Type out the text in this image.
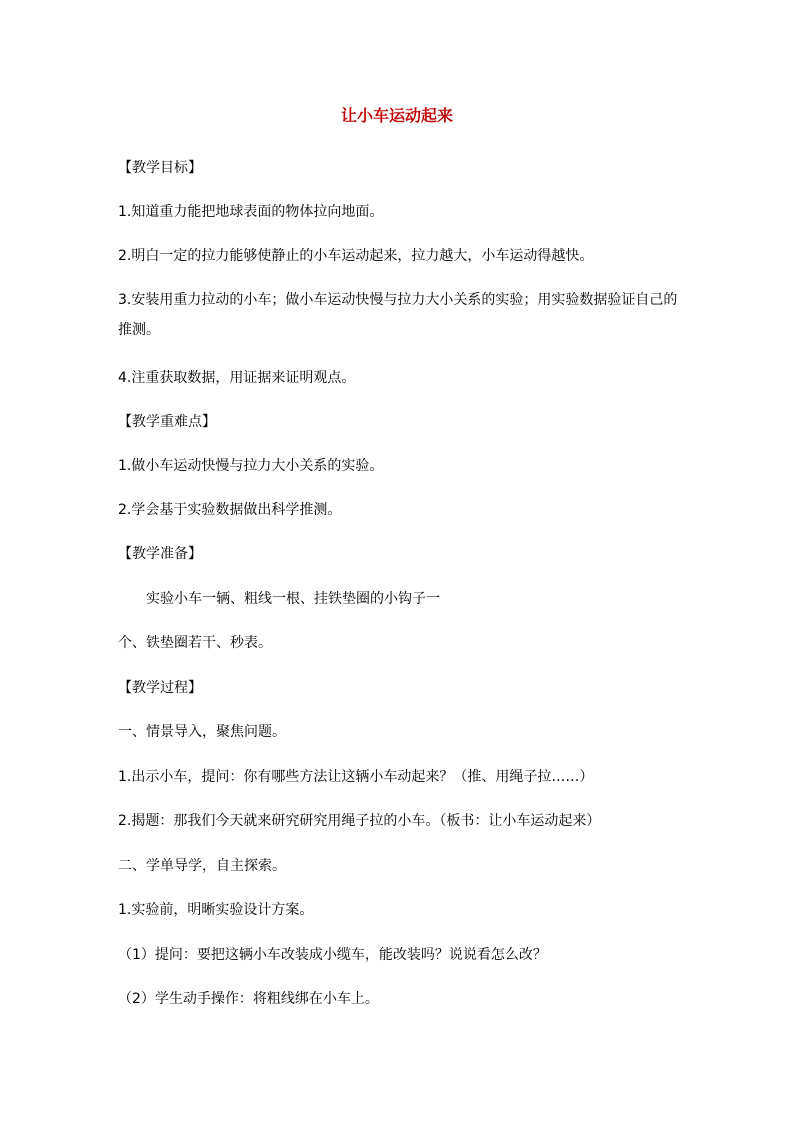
让小车运动起来
【教学目标】
1.知道重力能把地球表面的物体拉向地面。
2.明白一定的拉力能够使静止的小车运动起来，拉力越大，小车运动得越快。
3.安装用重力拉动的小车；做小车运动快慢与拉力大小关系的实验；用实验数据验证自己的
推测。
4.注重获取数据，用证据来证明观点。
【教学重难点】
1.做小车运动快慢与拉力大小关系的实验。
2.学会基于实验数据做出科学推测。
【教学准备】
实验小车一辆、粗线一根、挂铁垫圈的小钩子一
个、铁垫圈若干、秒表。
【教学过程】
一、情景导入，聚焦问题。
1.出示小车，提问：你有哪些方法让这辆小车动起来？（推、用绳子拉……）
2.揭题：那我们今天就来研究研究用绳子拉的小车。（板书：让小车运动起来）
二、学单导学，自主探索。
1.实验前，明晰实验设计方案。
（1）提问：要把这辆小车改装成小缆车，能改装吗？说说看怎么改？
（2）学生动手操作：将粗线绑在小车上。
